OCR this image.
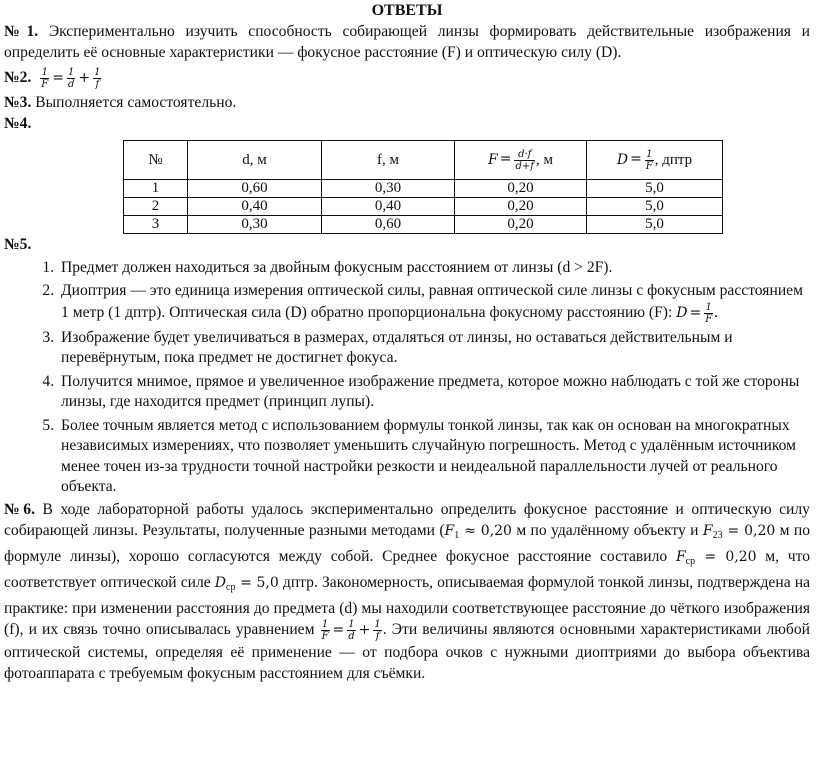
ОТВЕТЫ

№1. Экспериментально изучить способность собирающей линзы формировать действительные изображения и определить её основные характеристики — фокусное расстояние (F) и оптическую силу (D).

№2. $\frac{1}{F} = \frac{1}{d} + \frac{1}{f}$

№3. Выполняется самостоятельно.

№4.

№	d, м	f, м	$F = \frac{d\cdot f}{d+f}$ , м	$D = \frac{1}{F}$ , дптр
1	0,60	0,30	0,20	5,0
2	0,40	0,40	0,20	5,0
3	0,30	0,60	0,20	5,0

№5.

1. Предмет должен находиться за двойным фокусным расстоянием от линзы (d > 2F).
2. Диоптрия — это единица измерения оптической силы, равная оптической силе линзы с фокусным расстоянием 1 метр (1 дптр). Оптическая сила (D) обратно пропорциональна фокусному расстоянию (F): $D = \frac{1}{F}$ .
3. Изображение будет увеличиваться в размерах, отдаляться от линзы, но оставаться действительным и перевёрнутым, пока предмет не достигнет фокуса.
4. Получится мнимое, прямое и увеличенное изображение предмета, которое можно наблюдать с той же стороны линзы, где находится предмет (принцип лупы).
5. Более точным является метод с использованием формулы тонкой линзы, так как он основан на многократных независимых измерениях, что позволяет уменьшить случайную погрешность. Метод с удалённым источником менее точен из-за трудности точной настройки резкости и неидеальной параллельности лучей от реального объекта.

№6. В ходе лабораторной работы удалось экспериментально определить фокусное расстояние и оптическую силу собирающей линзы. Результаты, полученные разными методами ($F_1 \approx 0,20$ м по удалённому объекту и $F_{23} = 0,20$ м по формуле линзы), хорошо согласуются между собой. Среднее фокусное расстояние составило $F_{ср} = 0,20$ м, что соответствует оптической силе $D_{ср} = 5,0$ дптр. Закономерность, описываемая формулой тонкой линзы, подтверждена на практике: при изменении расстояния до предмета (d) мы находили соответствующее расстояние до чёткого изображения (f), и их связь точно описывалась уравнением $\frac{1}{F} = \frac{1}{d} + \frac{1}{f}$ . Эти величины являются основными характеристиками любой оптической системы, определяя её применение — от подбора очков с нужными диоптриями до выбора объектива фотоаппарата с требуемым фокусным расстоянием для съёмки.
